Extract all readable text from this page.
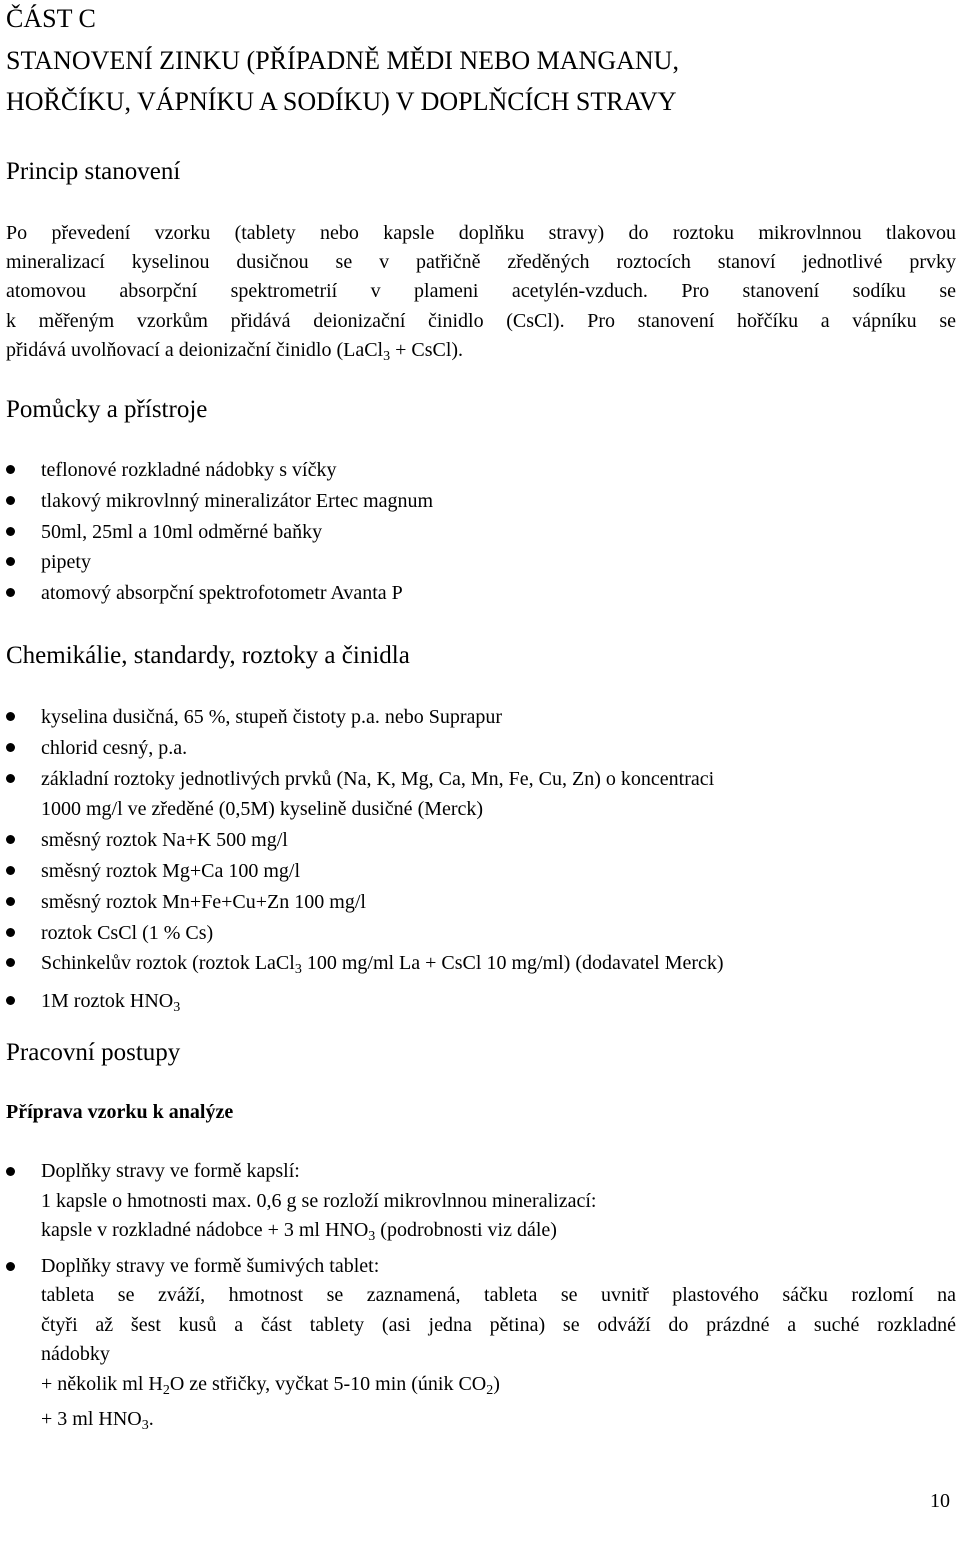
ČÁST C
STANOVENÍ ZINKU (PŘÍPADNĚ MĚDI NEBO MANGANU,
HOŘČÍKU, VÁPNÍKU A SODÍKU) V DOPLŇCÍCH STRAVY
Princip stanovení
Po převedení vzorku (tablety nebo kapsle doplňku stravy) do roztoku mikrovlnnou tlakovou
mineralizací kyselinou dusičnou se v patřičně zředěných roztocích stanoví jednotlivé prvky
atomovou absorpční spektrometrií v plameni acetylén-vzduch. Pro stanovení sodíku se
k měřeným vzorkům přidává deionizační činidlo (CsCl). Pro stanovení hořčíku a vápníku se
přidává uvolňovací a deionizační činidlo (LaCl$_3$ + CsCl).
Pomůcky a přístroje
teflonové rozkladné nádobky s víčky
tlakový mikrovlnný mineralizátor Ertec magnum
50ml, 25ml a 10ml odměrné baňky
pipety
atomový absorpční spektrofotometr Avanta P
Chemikálie, standardy, roztoky a činidla
kyselina dusičná, 65 %, stupeň čistoty p.a. nebo Suprapur
chlorid cesný, p.a.
základní roztoky jednotlivých prvků (Na, K, Mg, Ca, Mn, Fe, Cu, Zn) o koncentraci
1000 mg/l ve zředěné (0,5M) kyselině dusičné (Merck)
směsný roztok Na+K 500 mg/l
směsný roztok Mg+Ca 100 mg/l
směsný roztok Mn+Fe+Cu+Zn 100 mg/l
roztok CsCl (1 % Cs)
Schinkelův roztok (roztok LaCl$_3$ 100 mg/ml La + CsCl 10 mg/ml) (dodavatel Merck)
1M roztok $HNO_3$
Pracovní postupy
Příprava vzorku k analýze
Doplňky stravy ve formě kapslí:
1 kapsle o hmotnosti max. 0,6 g se rozloží mikrovlnnou mineralizací:
kapsle v rozkladné nádobce + 3 ml $HNO_3$ (podrobnosti viz dále)
Doplňky stravy ve formě šumivých tablet:
tableta se zváží, hmotnost se zaznamená, tableta se uvnitř plastového sáčku rozlomí na
čtyři až šest kusů a část tablety (asi jedna pětina) se odváží do prázdné a suché rozkladné
nádobky
+ několik ml $H_2O$ ze střičky, vyčkat 5-10 min (únik $CO_2$)
+ 3 ml $HNO_3$.
10
